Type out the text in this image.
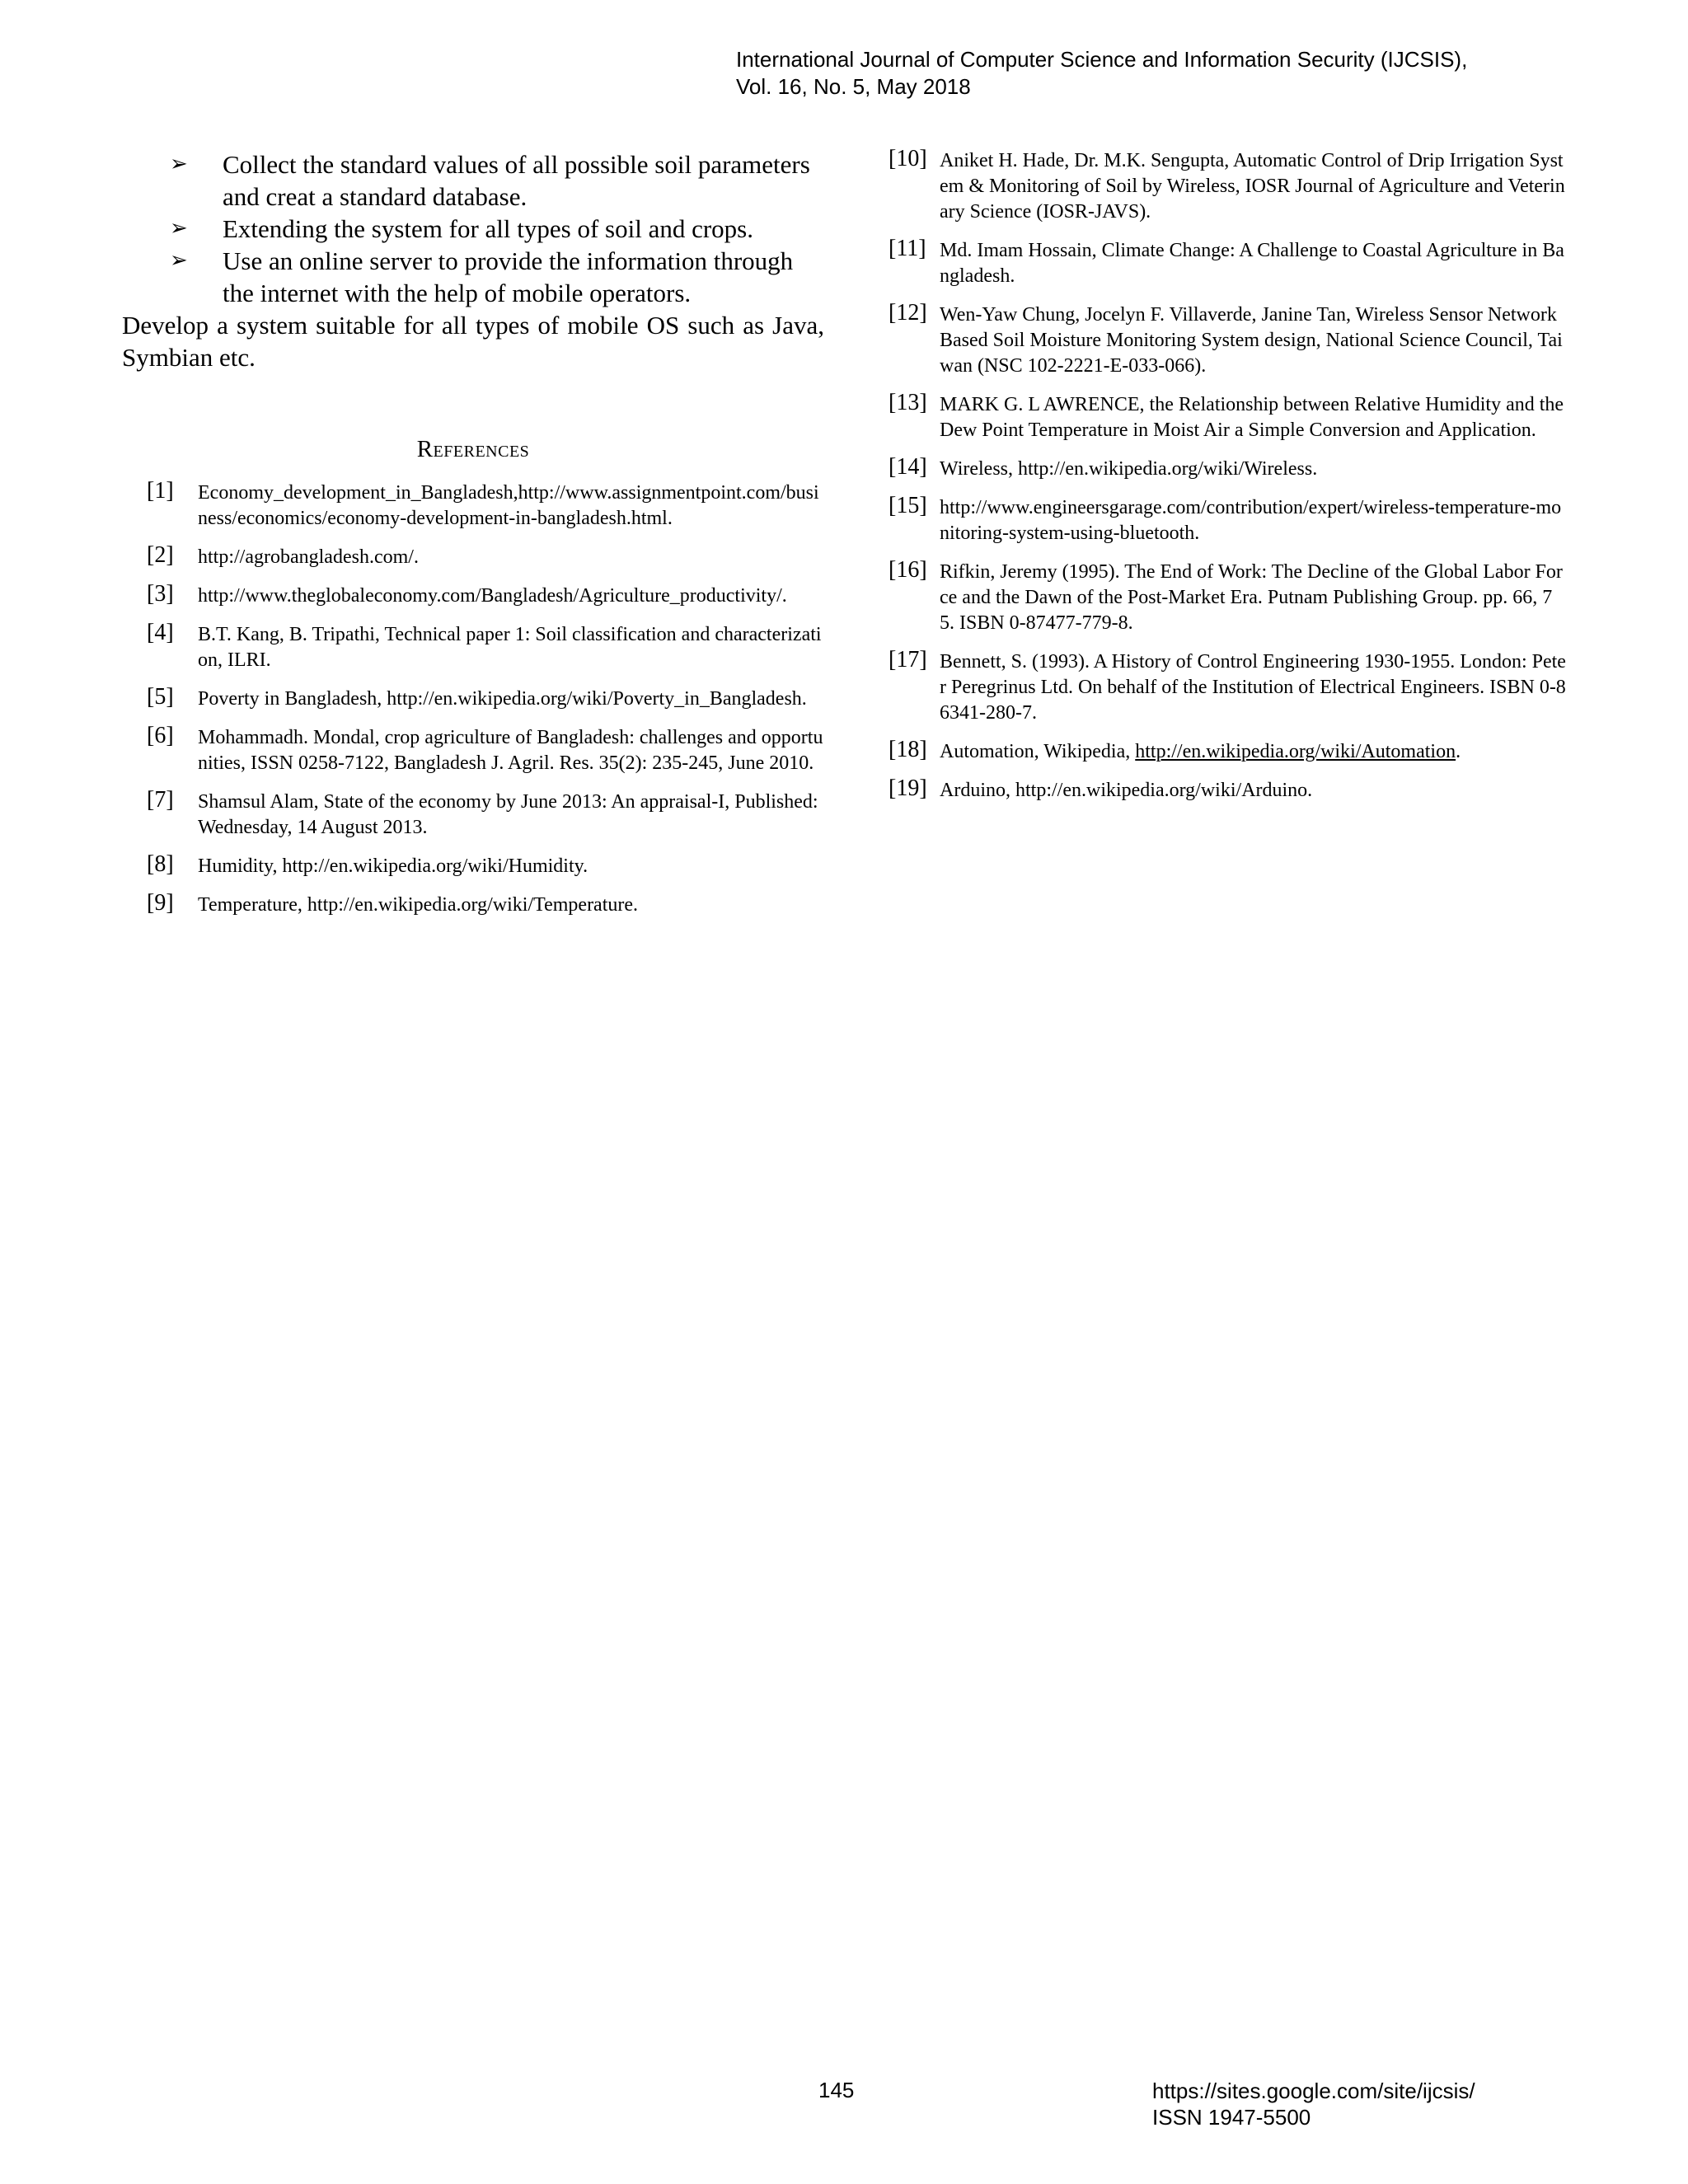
International Journal of Computer Science and Information Security (IJCSIS),
Vol. 16, No. 5, May 2018
➢ Collect the standard values of all possible soil parameters and creat a standard database.
➢ Extending the system for all types of soil and crops.
➢ Use an online server to provide the information through the internet with the help of mobile operators.

Develop a system suitable for all types of mobile OS such as Java, Symbian etc.

References
[1] Economy_development_in_Bangladesh,http://www.assignmentpoint.com/business/economics/economy-development-in-bangladesh.html.
[2] http://agrobangladesh.com/.
[3] http://www.theglobaleconomy.com/Bangladesh/Agriculture_productivity/.
[4] B.T. Kang, B. Tripathi, Technical paper 1: Soil classification and characterization, ILRI.
[5] Poverty in Bangladesh, http://en.wikipedia.org/wiki/Poverty_in_Bangladesh.
[6] Mohammadh. Mondal, crop agriculture of Bangladesh: challenges and opportunities, ISSN 0258-7122, Bangladesh J. Agril. Res. 35(2): 235-245, June 2010.
[7] Shamsul Alam, State of the economy by June 2013: An appraisal-I, Published: Wednesday, 14 August 2013.
[8] Humidity, http://en.wikipedia.org/wiki/Humidity.
[9] Temperature, http://en.wikipedia.org/wiki/Temperature.
[10] Aniket H. Hade, Dr. M.K. Sengupta, Automatic Control of Drip Irrigation System & Monitoring of Soil by Wireless, IOSR Journal of Agriculture and Veterinary Science (IOSR-JAVS).
[11] Md. Imam Hossain, Climate Change: A Challenge to Coastal Agriculture in Bangladesh.
[12] Wen-Yaw Chung, Jocelyn F. Villaverde, Janine Tan, Wireless Sensor Network Based Soil Moisture Monitoring System design, National Science Council, Taiwan (NSC 102-2221-E-033-066).
[13] MARK G. L AWRENCE, the Relationship between Relative Humidity and the Dew Point Temperature in Moist Air a Simple Conversion and Application.
[14] Wireless, http://en.wikipedia.org/wiki/Wireless.
[15] http://www.engineersgarage.com/contribution/expert/wireless-temperature-monitoring-system-using-bluetooth.
[16] Rifkin, Jeremy (1995). The End of Work: The Decline of the Global Labor Force and the Dawn of the Post-Market Era. Putnam Publishing Group. pp. 66, 75. ISBN 0-87477-779-8.
[17] Bennett, S. (1993). A History of Control Engineering 1930-1955. London: Peter Peregrinus Ltd. On behalf of the Institution of Electrical Engineers. ISBN 0-86341-280-7.
[18] Automation, Wikipedia, http://en.wikipedia.org/wiki/Automation.
[19] Arduino, http://en.wikipedia.org/wiki/Arduino.
145	https://sites.google.com/site/ijcsis/
ISSN 1947-5500
